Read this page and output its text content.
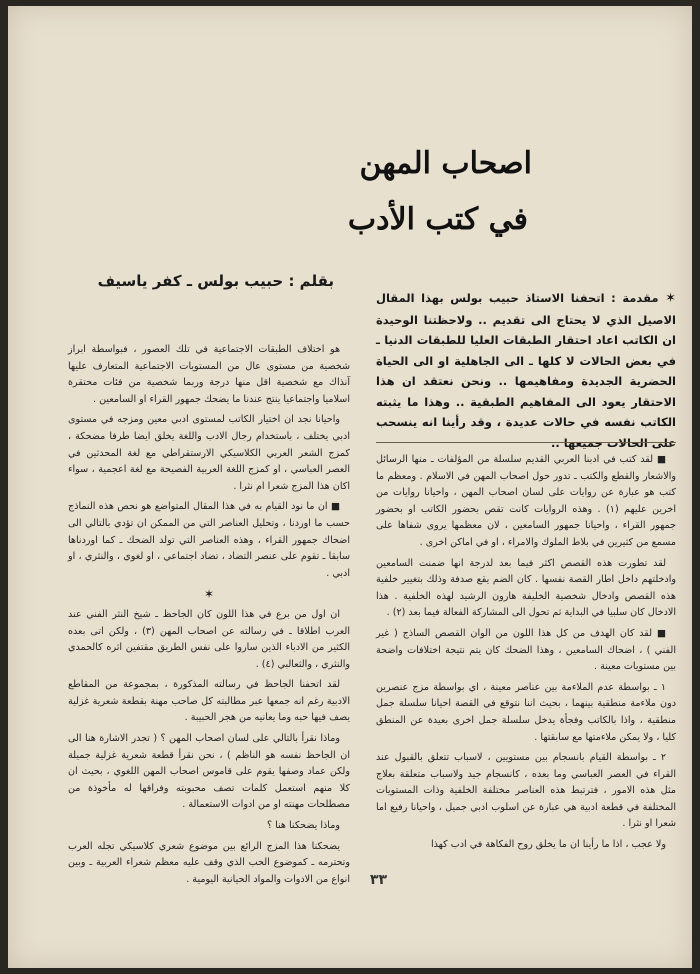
اصحاب المهن
في كتب الأدب
بقلم : حبيب بولس ـ كفر ياسيف
✶ مقدمة : اتحفنا الاستاذ حبيب بولس بهذا المقال الاصيل الذي لا يحتاج الى تقديم .. ولاحظتنا الوحيدة ان الكاتب اعاد احتقار الطبقات العليا للطبقات الدنيا ـ في بعض الحالات لا كلها ـ الى الجاهلية او الى الحياة الحضرية الجديدة ومفاهيمها .. ونحن نعتقد ان هذا الاحتقار يعود الى المفاهيم الطبقية .. وهذا ما يثبته الكاتب نفسه في حالات عديدة ، وقد رأينا انه ينسحب على الحالات جميعها ..

■ لقد كتب في ادبنا العربي القديم سلسلة من المؤلفات ـ منها الرسائل والاشعار والقطع والكتب ـ تدور حول اصحاب المهن في الاسلام . ومعظم ما كتب هو عبارة عن روايات على لسان اصحاب المهن ، واحيانا روايات من اخرين عليهم (١) . وهذه الروايات كانت تقص بحضور الكاتب او بحضور جمهور القراء ، واحيانا جمهور السامعين ، لان معظمها يروى شفاها على مسمع من كثيرين في بلاط الملوك والامراء ، او في اماكن اخرى .

لقد تطورت هذه القصص اكثر فيما بعد لدرجة انها ضمنت السامعين وادخلتهم داخل اطار القصة نفسها . كان الضم يقع صدفة وذلك بتغيير خلفية هذه القصص وادخال شخصية الخليفة هارون الرشيد لهذه الخلفية . هذا الادخال كان سلبيا في البداية ثم تحول الى المشاركة الفعالة فيما بعد (٢) .

■ لقد كان الهدف من كل هذا اللون من الوان القصص الساذج ( غير الفني ) ، اضحاك السامعين ، وهذا الضحك كان يتم نتيجة اختلافات واضحة بين مستويات معينة .

١ ـ بواسطة عدم الملاءمة بين عناصر معينة ، اي بواسطة مزج عنصرين دون ملاءمة منطقية بينهما ، بحيث اننا نتوقع في القصة احيانا سلسلة جمل منطقية ، واذا بالكاتب وفجأة يدخل سلسلة جمل اخرى بعيدة عن المنطق كليا ، ولا يمكن ملاءمتها مع سابقتها .

٢ ـ بواسطة القيام بانسجام بين مستويين ، لاسباب تتعلق بالقبول عند القراء في العصر العباسي وما بعده ، كانسجام جيد ولاسباب متعلقة بعلاج مثل هذه الامور ، فترتبط هذه العناصر مختلفة الخلفية وذات المستويات المختلفة في قطعة ادبية هي عبارة عن اسلوب ادبي جميل ، واحيانا رفيع اما شعرا او نثرا .

ولا عجب ، اذا ما رأينا ان ما يخلق روح الفكاهة في ادب كهذا

هو اختلاف الطبقات الاجتماعية في تلك العصور ، فبواسطة ابراز شخصية من مستوى عال من المستويات الاجتماعية المتعارف عليها آنذاك مع شخصية اقل منها درجة وربما شخصية من فئات محتقرة اسلاميا واجتماعيا ينتج عندنا ما يضحك جمهور القراء او السامعين .

واحيانا نجد ان اختيار الكاتب لمستوى ادبي معين ومزجه في مستوى ادبي يختلف ، باستخدام رجال الادب واللغة يخلق ايضا طرفا مضحكة ، كمزج الشعر العربي الكلاسيكي الارستقراطي مع لغة المحدثين في العصر العباسي ، او كمزج اللغة العربية الفصيحة مع لغة اعجمية ، سواء اكان هذا المزج شعرا ام نثرا .

■ ان ما نود القيام به في هذا المقال المتواضع هو نحص هذه النماذج حسب ما اوردنا ، وتحليل العناصر التي من الممكن ان تؤدي بالتالي الى اضحاك جمهور القراء ، وهذه العناصر التي تولد الضحك ـ كما اوردناها سابقا ـ تقوم على عنصر التضاد ، تضاد اجتماعي ، او لغوي ، والنثري ، او ادبي .

✶

ان اول من برع في هذا اللون كان الجاحظ ـ شيخ النثر الفني عند العرب اطلاقا ـ في رسالته عن اصحاب المهن (٣) ، ولكن اتى بعده الكثير من الادباء الذين ساروا على نفس الطريق مقتفين اثره كالحمدي والنثري ، والثعالبي (٤) .

لقد اتحفنا الجاحظ في رسالته المذكورة ، بمجموعة من المقاطع الادبية رغم انه جمعها عبر مطالبته كل صاحب مهنة بقطعة شعرية غزلية يصف فيها حبه وما يعانيه من هجر الحبيبة .

وماذا نقرأ بالتالي على لسان اصحاب المهن ؟ ( تجدر الاشارة هنا الى ان الجاحظ نفسه هو الناظم ) ، نحن نقرأ قطعة شعرية غزلية جميلة ولكن عماد وصفها يقوم على قاموس اصحاب المهن اللغوي ، بحيث ان كلا منهم استعمل كلمات تصف محبوبته وفراقها له مأخوذة من مصطلحات مهنته او من ادوات الاستعمالة .

وماذا يضحكنا هنا ؟

يضحكنا هذا المزج الرائع بين موضوع شعري كلاسيكي تجله العرب وتحترمه ـ كموضوع الحب الذي وقف عليه معظم شعراء العربية ـ وبين انواع من الادوات والمواد الحيانية اليومية . ٣٣
